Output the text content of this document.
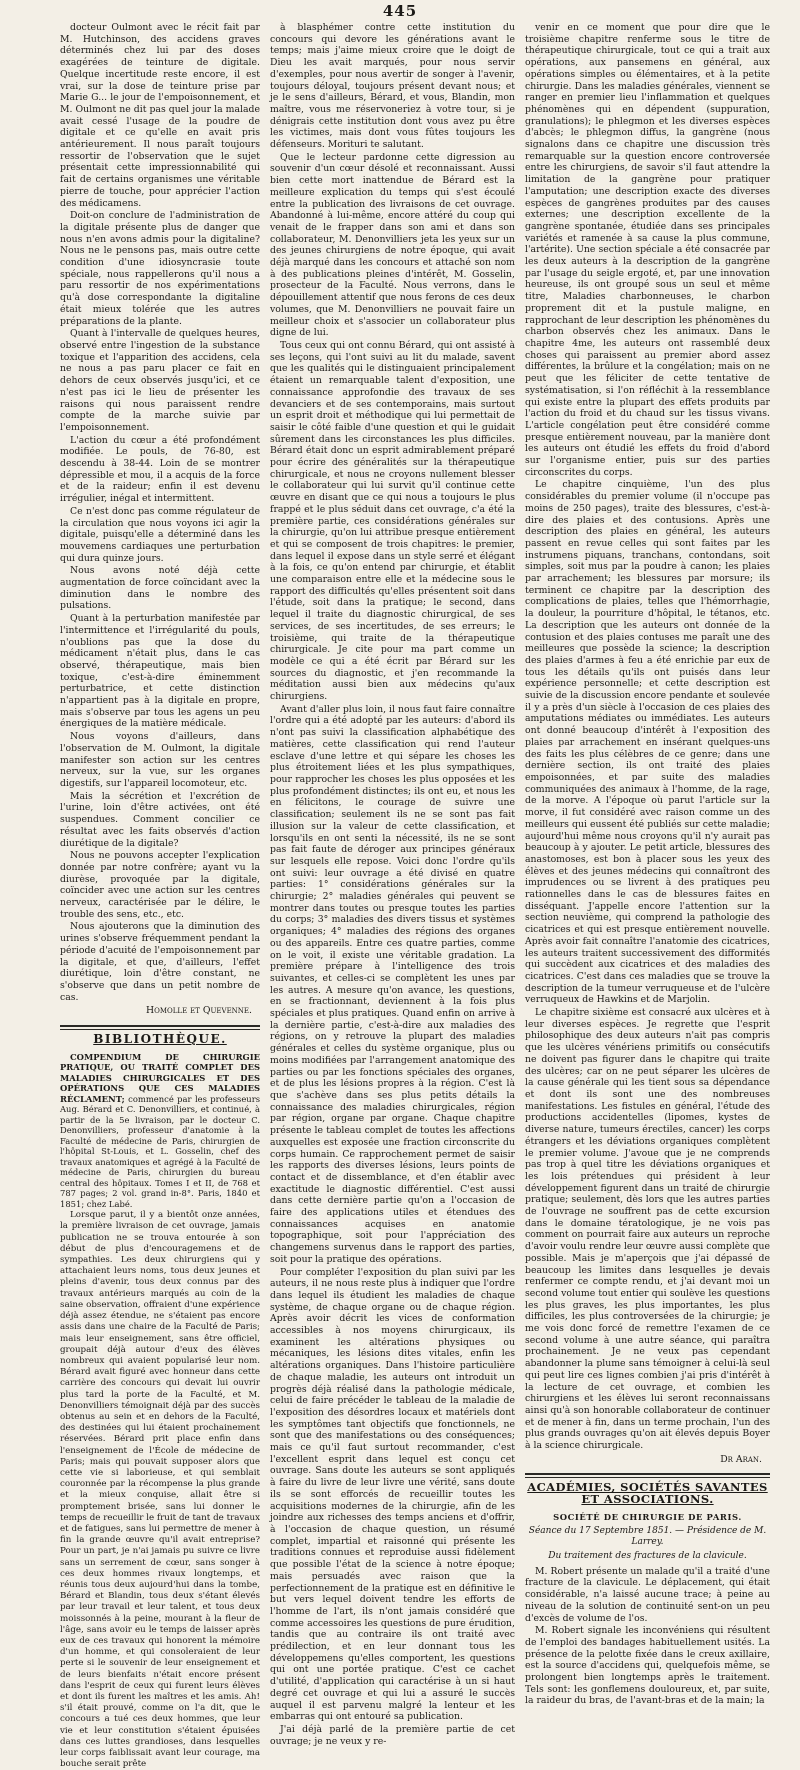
445

docteur Oulmont avec le récit fait par M. Hutchinson, des accidens graves déterminés chez lui par des doses exagérées de teinture de digitale. Quelque incertitude reste encore, il est vrai, sur la dose de teinture prise par Marie G... le jour de l'empoisonnement, et M. Oulmont ne dit pas quel jour la malade avait cessé l'usage de la poudre de digitale et ce qu'elle en avait pris antérieurement. Il nous paraît toujours ressortir de l'observation que le sujet présentait cette impressionnabilité qui fait de certains organismes une véritable pierre de touche, pour apprécier l'action des médicamens.

Doit-on conclure de l'administration de la digitale présente plus de danger que nous n'en avons admis pour la digitaline? Nous ne le pensons pas, mais outre cette condition d'une idiosyncrasie toute spéciale, nous rappellerons qu'il nous a paru ressortir de nos expérimentations qu'à dose correspondante la digitaline était mieux tolérée que les autres préparations de la plante.

Quant à l'intervalle de quelques heures, observé entre l'ingestion de la substance toxique et l'apparition des accidens, cela ne nous a pas paru placer ce fait en dehors de ceux observés jusqu'ici, et ce n'est pas ici le lieu de présenter les raisons qui nous paraissent rendre compte de la marche suivie par l'empoisonnement.

L'action du cœur a été profondément modifiée. Le pouls, de 76-80, est descendu à 38-44. Loin de se montrer dépressible et mou, il a acquis de la force et de la raideur; enfin il est devenu irrégulier, inégal et intermittent.

Ce n'est donc pas comme régulateur de la circulation que nous voyons ici agir la digitale, puisqu'elle a déterminé dans les mouvemens cardiaques une perturbation qui dura quinze jours.

Nous avons noté déjà cette augmentation de force coïncidant avec la diminution dans le nombre des pulsations.

Quant à la perturbation manifestée par l'intermittence et l'irrégularité du pouls, n'oublions pas que la dose du médicament n'était plus, dans le cas observé, thérapeutique, mais bien toxique, c'est-à-dire éminemment perturbatrice, et cette distinction n'appartient pas à la digitale en propre, mais s'observe par tous les agens un peu énergiques de la matière médicale.

Nous voyons d'ailleurs, dans l'observation de M. Oulmont, la digitale manifester son action sur les centres nerveux, sur la vue, sur les organes digestifs, sur l'appareil locomoteur, etc.

Mais la sécrétion et l'excrétion de l'urine, loin d'être activées, ont été suspendues. Comment concilier ce résultat avec les faits observés d'action diurétique de la digitale?

Nous ne pouvons accepter l'explication donnée par notre confrère; ayant vu la diurèse, provoquée par la digitale, coïncider avec une action sur les centres nerveux, caractérisée par le délire, le trouble des sens, etc., etc.

Nous ajouterons que la diminution des urines s'observe fréquemment pendant la période d'acuité de l'empoisonnement par la digitale, et que, d'ailleurs, l'effet diurétique, loin d'être constant, ne s'observe que dans un petit nombre de cas.

Homolle et Quevenne.
BIBLIOTHÈQUE.

COMPENDIUM DE CHIRURGIE PRATIQUE, OU TRAITÉ COMPLET DES MALADIES CHIRURGICALES ET DES OPÉRATIONS QUE CES MALADIES RÉCLAMENT; commencé par les professeurs Aug. Bérard et C. Denonvilliers, et continué, à partir de la 5e livraison, par le docteur C. Denonvilliers, professeur d'anatomie à la Faculté de médecine de Paris, chirurgien de l'hôpital St-Louis, et L. Gosselin, chef des travaux anatomiques et agrégé à la Faculté de médecine de Paris, chirurgien du bureau central des hôpitaux. Tomes I et II, de 768 et 787 pages; 2 vol. grand in-8°. Paris, 1840 et 1851; chez Labé.

Lorsque parut, il y a bientôt onze années, la première livraison de cet ouvrage, jamais publication ne se trouva entourée à son début de plus d'encouragemens et de sympathies. Les deux chirurgiens qui y attachaient leurs noms, tous deux jeunes et pleins d'avenir, tous deux connus par des travaux antérieurs marqués au coin de la saine observation, offraient d'une expérience déjà assez étendue, ne s'étaient pas encore assis dans une chaire de la Faculté de Paris; mais leur enseignement, sans être officiel, groupait déjà autour d'eux des élèves nombreux qui avaient popularisé leur nom. Bérard avait figuré avec honneur dans cette carrière des concours qui devait lui ouvrir plus tard la porte de la Faculté, et M. Denonvilliers témoignait déjà par des succès obtenus au sein et en dehors de la Faculté, des destinées qui lui étaient prochainement réservées. Bérard prit place enfin dans l'enseignement de l'École de médecine de Paris; mais qui pouvait supposer alors que cette vie si laborieuse, et qui semblait couronnée par la récompense la plus grande et la mieux conquise, allait être si promptement brisée, sans lui donner le temps de recueillir le fruit de tant de travaux et de fatigues, sans lui permettre de mener à fin la grande œuvre qu'il avait entreprise? Pour un part, je n'ai jamais pu suivre ce livre sans un serrement de cœur, sans songer à ces deux hommes rivaux longtemps, et réunis tous deux aujourd'hui dans la tombe, Bérard et Blandin, tous deux s'étant élevés par leur travail et leur talent, et tous deux moissonnés à la peine, mourant à la fleur de l'âge, sans avoir eu le temps de laisser après eux de ces travaux qui honorent la mémoire d'un homme, et qui consoleraient de leur perte si le souvenir de leur enseignement et de leurs bienfaits n'était encore présent dans l'esprit de ceux qui furent leurs élèves et dont ils furent les maîtres et les amis. Ah! s'il était prouvé, comme on l'a dit, que le concours a tué ces deux hommes, que leur vie et leur constitution s'étaient épuisées dans ces luttes grandioses, dans lesquelles leur corps faiblissait avant leur courage, ma bouche serait prête

à blasphémer contre cette institution du concours qui devore les générations avant le temps; mais j'aime mieux croire que le doigt de Dieu les avait marqués, pour nous servir d'exemples, pour nous avertir de songer à l'avenir, toujours déloyal, toujours présent devant nous; et je le sens d'ailleurs, Bérard, et vous, Blandin, mon maître, vous me réservoneriez à votre tour, si je dénigrais cette institution dont vous avez pu être les victimes, mais dont vous fûtes toujours les défenseurs. Morituri te salutant.

Que le lecteur pardonne cette digression au souvenir d'un cœur désolé et reconnaissant. Aussi bien cette mort inattendue de Bérard est la meilleure explication du temps qui s'est écoulé entre la publication des livraisons de cet ouvrage. Abandonné à lui-même, encore attéré du coup qui venait de le frapper dans son ami et dans son collaborateur, M. Denonvilliers jeta les yeux sur un des jeunes chirurgiens de notre époque, qui avait déjà marqué dans les concours et attaché son nom à des publications pleines d'intérêt, M. Gosselin, prosecteur de la Faculté. Nous verrons, dans le dépouillement attentif que nous ferons de ces deux volumes, que M. Denonvilliers ne pouvait faire un meilleur choix et s'associer un collaborateur plus digne de lui.

Tous ceux qui ont connu Bérard, qui ont assisté à ses leçons, qui l'ont suivi au lit du malade, savent que les qualités qui le distinguaient principalement étaient un remarquable talent d'exposition, une connaissance approfondie des travaux de ses devanciers et de ses contemporains, mais surtout un esprit droit et méthodique qui lui permettait de saisir le côté faible d'une question et qui le guidait sûrement dans les circonstances les plus difficiles. Bérard était donc un esprit admirablement préparé pour écrire des généralités sur la thérapeutique chirurgicale, et nous ne croyons nullement blesser le collaborateur qui lui survit qu'il continue cette œuvre en disant que ce qui nous a toujours le plus frappé et le plus séduit dans cet ouvrage, c'a été la première partie, ces considérations générales sur la chirurgie, qu'on lui attribue presque entièrement et qui se composent de trois chapitres: le premier, dans lequel il expose dans un style serré et élégant à la fois, ce qu'on entend par chirurgie, et établit une comparaison entre elle et la médecine sous le rapport des difficultés qu'elles présentent soit dans l'étude, soit dans la pratique; le second, dans lequel il traite du diagnostic chirurgical, de ses services, de ses incertitudes, de ses erreurs; le troisième, qui traite de la thérapeutique chirurgicale. Je cite pour ma part comme un modèle ce qui a été écrit par Bérard sur les sources du diagnostic, et j'en recommande la méditation aussi bien aux médecins qu'aux chirurgiens.

Avant d'aller plus loin, il nous faut faire connaître l'ordre qui a été adopté par les auteurs: d'abord ils n'ont pas suivi la classification alphabétique des matières, cette classification qui rend l'auteur esclave d'une lettre et qui sépare les choses les plus étroitement liées et les plus sympathiques, pour rapprocher les choses les plus opposées et les plus profondément distinctes; ils ont eu, et nous les en félicitons, le courage de suivre une classification; seulement ils ne se sont pas fait illusion sur la valeur de cette classification, et lorsqu'ils en ont senti la nécessité, ils ne se sont pas fait faute de déroger aux principes généraux sur lesquels elle repose. Voici donc l'ordre qu'ils ont suivi: leur ouvrage a été divisé en quatre parties: 1° considérations générales sur la chirurgie; 2° maladies générales qui peuvent se montrer dans toutes ou presque toutes les parties du corps; 3° maladies des divers tissus et systèmes organiques; 4° maladies des régions des organes ou des appareils. Entre ces quatre parties, comme on le voit, il existe une véritable gradation. La première prépare à l'intelligence des trois suivantes, et celles-ci se complètent les unes par les autres. A mesure qu'on avance, les questions, en se fractionnant, deviennent à la fois plus spéciales et plus pratiques. Quand enfin on arrive à la dernière partie, c'est-à-dire aux maladies des régions, on y retrouve la plupart des maladies générales et celles du système organique, plus ou moins modifiées par l'arrangement anatomique des parties ou par les fonctions spéciales des organes, et de plus les lésions propres à la région. C'est là que s'achève dans ses plus petits détails la connaissance des maladies chirurgicales, région par région, organe par organe. Chaque chapitre présente le tableau complet de toutes les affections auxquelles est exposée une fraction circonscrite du corps humain. Ce rapprochement permet de saisir les rapports des diverses lésions, leurs points de contact et de dissemblance, et d'en établir avec exactitude le diagnostic différentiel. C'est aussi dans cette dernière partie qu'on a l'occasion de faire des applications utiles et étendues des connaissances acquises en anatomie topographique, soit pour l'appréciation des changemens survenus dans le rapport des parties, soit pour la pratique des opérations.

Pour compléter l'exposition du plan suivi par les auteurs, il ne nous reste plus à indiquer que l'ordre dans lequel ils étudient les maladies de chaque système, de chaque organe ou de chaque région. Après avoir décrit les vices de conformation accessibles à nos moyens chirurgicaux, ils examinent les altérations physiques ou mécaniques, les lésions dites vitales, enfin les altérations organiques. Dans l'histoire particulière de chaque maladie, les auteurs ont introduit un progrès déjà réalisé dans la pathologie médicale, celui de faire précéder le tableau de la maladie de l'exposition des désordres locaux et matériels dont les symptômes tant objectifs que fonctionnels, ne sont que des manifestations ou des conséquences; mais ce qu'il faut surtout recommander, c'est l'excellent esprit dans lequel est conçu cet ouvrage. Sans doute les auteurs se sont appliqués à faire du livre de leur livre une vérité, sans doute ils se sont efforcés de recueillir toutes les acquisitions modernes de la chirurgie, afin de les joindre aux richesses des temps anciens et d'offrir, à l'occasion de chaque question, un résumé complet, impartial et raisonné qui présente les traditions connues et reproduise aussi fidèlement que possible l'état de la science à notre époque; mais persuadés avec raison que la perfectionnement de la pratique est en définitive le but vers lequel doivent tendre les efforts de l'homme de l'art, ils n'ont jamais considéré que comme accessoires les questions de pure érudition, tandis que au contraire ils ont traité avec prédilection, et en leur donnant tous les développemens qu'elles comportent, les questions qui ont une portée pratique. C'est ce cachet d'utilité, d'application qui caractérise à un si haut degré cet ouvrage et qui lui a assuré le succès auquel il est parvenu malgré la lenteur et les embarras qui ont entouré sa publication.

J'ai déjà parlé de la première partie de cet ouvrage; je ne veux y re-

venir en ce moment que pour dire que le troisième chapitre renferme sous le titre de thérapeutique chirurgicale, tout ce qui a trait aux opérations, aux pansemens en général, aux opérations simples ou élémentaires, et à la petite chirurgie. Dans les maladies générales, viennent se ranger en premier lieu l'inflammation et quelques phénomènes qui en dépendent (suppuration, granulations); le phlegmon et les diverses espèces d'abcès; le phlegmon diffus, la gangrène (nous signalons dans ce chapitre une discussion très remarquable sur la question encore controversée entre les chirurgiens, de savoir s'il faut attendre la limitation de la gangrène pour pratiquer l'amputation; une description exacte des diverses espèces de gangrènes produites par des causes externes; une description excellente de la gangrène spontanée, étudiée dans ses principales variétés et ramenée à sa cause la plus commune, l'artérite). Une section spéciale a été consacrée par les deux auteurs à la description de la gangrène par l'usage du seigle ergoté, et, par une innovation heureuse, ils ont groupé sous un seul et même titre, Maladies charbonneuses, le charbon proprement dit et la pustule maligne, en rapprochant de leur description les phénomènes du charbon observés chez les animaux. Dans le chapitre 4me, les auteurs ont rassemblé deux choses qui paraissent au premier abord assez différentes, la brûlure et la congélation; mais on ne peut que les féliciter de cette tentative de systématisation, si l'on réfléchit à la ressemblance qui existe entre la plupart des effets produits par l'action du froid et du chaud sur les tissus vivans. L'article congélation peut être considéré comme presque entièrement nouveau, par la manière dont les auteurs ont étudié les effets du froid d'abord sur l'organisme entier, puis sur des parties circonscrites du corps.

Le chapitre cinquième, l'un des plus considérables du premier volume (il n'occupe pas moins de 250 pages), traite des blessures, c'est-à-dire des plaies et des contusions. Après une description des plaies en général, les auteurs passent en revue celles qui sont faites par les instrumens piquans, tranchans, contondans, soit simples, soit mus par la poudre à canon; les plaies par arrachement; les blessures par morsure; ils terminent ce chapitre par la description des complications de plaies, telles que l'hémorrhagie, la douleur, la pourriture d'hôpital, le tétanos, etc. La description que les auteurs ont donnée de la contusion et des plaies contuses me paraît une des meilleures que possède la science; la description des plaies d'armes à feu a été enrichie par eux de tous les détails qu'ils ont puisés dans leur expérience personnelle; et cette description est suivie de la discussion encore pendante et soulevée il y a près d'un siècle à l'occasion de ces plaies des amputations médiates ou immédiates. Les auteurs ont donné beaucoup d'intérêt à l'exposition des plaies par arrachement en insérant quelques-uns des faits les plus célèbres de ce genre; dans une dernière section, ils ont traité des plaies empoisonnées, et par suite des maladies communiquées des animaux à l'homme, de la rage, de la morve. A l'époque où parut l'article sur la morve, il fut considéré avec raison comme un des meilleurs qui eussent été publiés sur cette maladie; aujourd'hui même nous croyons qu'il n'y aurait pas beaucoup à y ajouter. Le petit article, blessures des anastomoses, est bon à placer sous les yeux des élèves et des jeunes médecins qui connaîtront des imprudences ou se livrent à des pratiques peu rationnelles dans le cas de blessures faites en disséquant. J'appelle encore l'attention sur la section neuvième, qui comprend la pathologie des cicatrices et qui est presque entièrement nouvelle. Après avoir fait connaître l'anatomie des cicatrices, les auteurs traitent successivement des difformités qui succèdent aux cicatrices et des maladies des cicatrices. C'est dans ces maladies que se trouve la description de la tumeur verruqueuse et de l'ulcère verruqueux de Hawkins et de Marjolin.

Le chapitre sixième est consacré aux ulcères et à leur diverses espèces. Je regrette que l'esprit philosophique des deux auteurs n'ait pas compris que les ulcères vénériens primitifs ou consécutifs ne doivent pas figurer dans le chapitre qui traite des ulcères; car on ne peut séparer les ulcères de la cause générale qui les tient sous sa dépendance et dont ils sont une des nombreuses manifestations. Les fistules en général, l'étude des productions accidentelles (lipomes, kystes de diverse nature, tumeurs érectiles, cancer) les corps étrangers et les déviations organiques complètent le premier volume. J'avoue que je ne comprends pas trop à quel titre les déviations organiques et les lois prétendues qui président à leur développement figurent dans un traité de chirurgie pratique; seulement, dès lors que les autres parties de l'ouvrage ne souffrent pas de cette excursion dans le domaine tératologique, je ne vois pas comment on pourrait faire aux auteurs un reproche d'avoir voulu rendre leur œuvre aussi complète que possible. Mais je m'aperçois que j'ai dépassé de beaucoup les limites dans lesquelles je devais renfermer ce compte rendu, et j'ai devant moi un second volume tout entier qui soulève les questions les plus graves, les plus importantes, les plus difficiles, les plus controversées de la chirurgie; je me vois donc forcé de remettre l'examen de ce second volume à une autre séance, qui paraîtra prochainement. Je ne veux pas cependant abandonner la plume sans témoigner à celui-là seul qui peut lire ces lignes combien j'ai pris d'intérêt à la lecture de cet ouvrage, et combien les chirurgiens et les élèves lui seront reconnaissans ainsi qu'à son honorable collaborateur de continuer et de mener à fin, dans un terme prochain, l'un des plus grands ouvrages qu'on ait élevés depuis Boyer à la science chirurgicale.

Dr Aran.
ACADÉMIES, SOCIÉTÉS SAVANTES ET ASSOCIATIONS.
SOCIÉTÉ DE CHIRURGIE DE PARIS.
Séance du 17 Septembre 1851. — Présidence de M. Larrey.
Du traitement des fractures de la clavicule.

M. Robert présente un malade qu'il a traité d'une fracture de la clavicule. Le déplacement, qui était considérable, n'a laissé aucune trace; à peine au niveau de la solution de continuité sent-on un peu d'excès de volume de l'os.

M. Robert signale les inconvéniens qui résultent de l'emploi des bandages habituellement usités. La présence de la pelotte fixée dans le creux axillaire, est la source d'accidens qui, quelquefois même, se prolongent bien longtemps après le traitement. Tels sont: les gonflemens douloureux, et, par suite, la raideur du bras, de l'avant-bras et de la main; la
